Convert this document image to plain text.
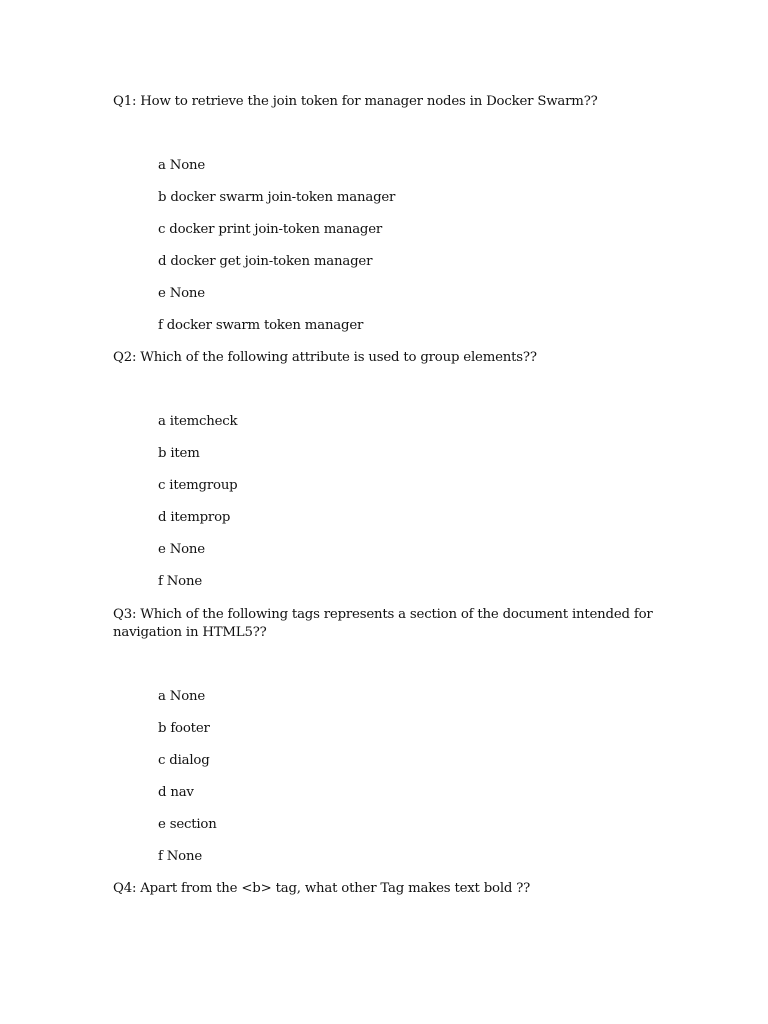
Q1: How to retrieve the join token for manager nodes in Docker Swarm??
a None
b docker swarm join-token manager
c docker print join-token manager
d docker get join-token manager
e None
f docker swarm token manager
Q2: Which of the following attribute is used to group elements??
a itemcheck
b item
c itemgroup
d itemprop
e None
f None
Q3: Which of the following tags represents a section of the document intended for
navigation in HTML5??
a None
b footer
c dialog
d nav
e section
f None
Q4: Apart from the <b> tag, what other Tag makes text bold ??
